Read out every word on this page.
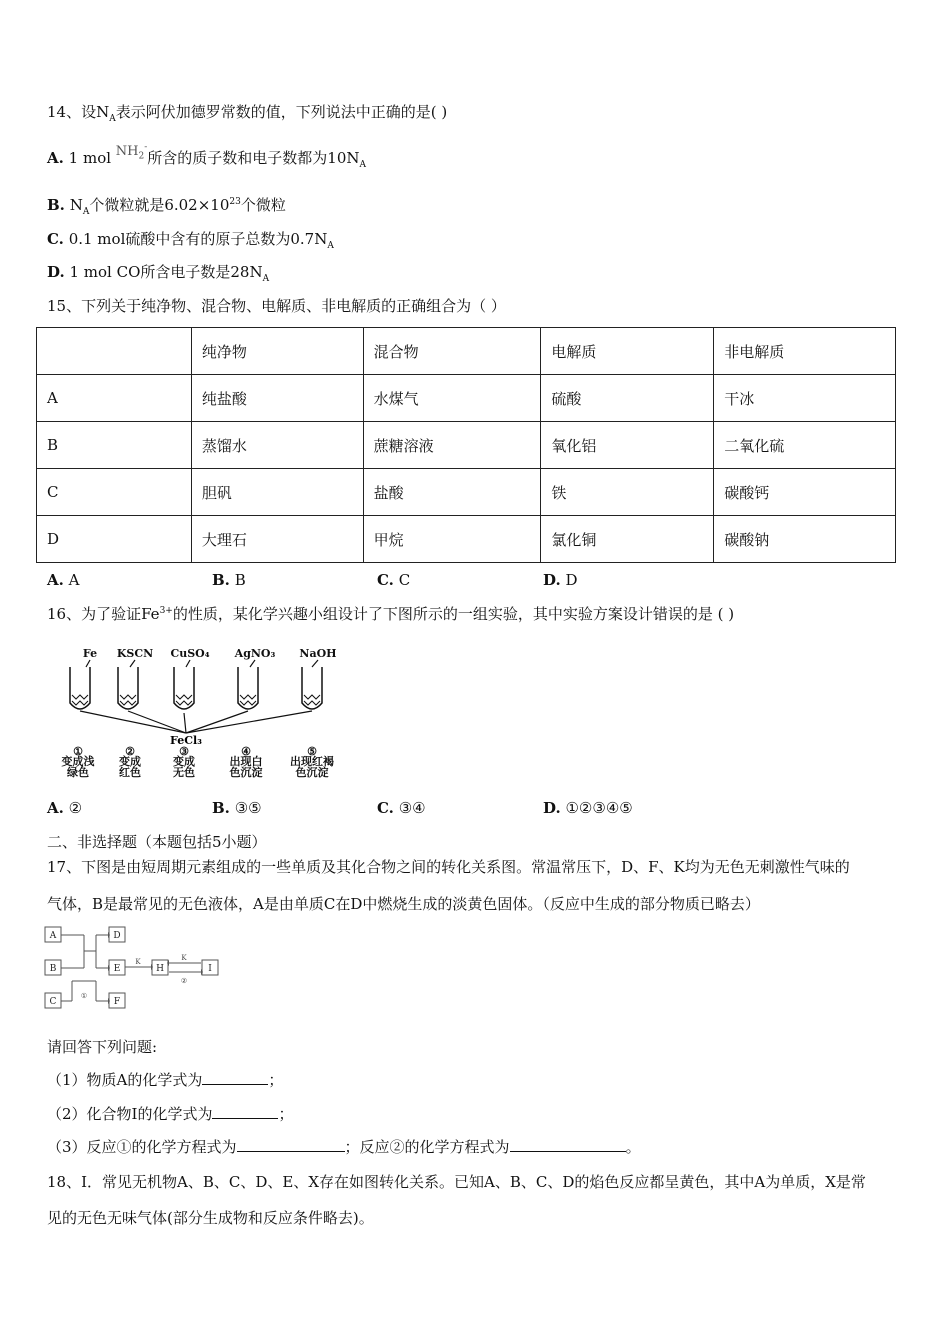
14、设$N_A$表示阿伏加德罗常数的值，下列说法中正确的是( )
A. 1 mol $NH_2^-$所含的质子数和电子数都为$10N_A$
B. $N_A$个微粒就是$6.02\times 10^{23}$个微粒
C. 0.1 mol硫酸中含有的原子总数为$0.7N_A$
D. 1 mol CO所含电子数是$28N_A$
15、下列关于纯净物、混合物、电解质、非电解质的正确组合为（ ）
	纯净物	混合物	电解质	非电解质
A	纯盐酸	水煤气	硫酸	干冰
B	蒸馏水	蔗糖溶液	氧化铝	二氧化硫
C	胆矾	盐酸	铁	碳酸钙
D	大理石	甲烷	氯化铜	碳酸钠
A. A	B. B	C. C	D. D
16、为了验证$Fe^{3+}$的性质，某化学兴趣小组设计了下图所示的一组实验，其中实验方案设计错误的是 ( )
Fe KSCN CuSO₄ AgNO₃ NaOH
FeCl₃
①
变成浅
绿色
②
变成
红色
③
变成
无色
④
出现白
色沉淀
⑤
出现红褐
色沉淀
A. ②	B. ③⑤	C. ③④	D. ①②③④⑤
二、非选择题（本题包括5小题）
17、下图是由短周期元素组成的一些单质及其化合物之间的转化关系图。常温常压下，D、F、K均为无色无刺激性气味的
气体，B是最常见的无色液体，A是由单质C在D中燃烧生成的淡黄色固体。（反应中生成的部分物质已略去）
A
B
C
D
E
F
H	I
K	K
①
②
请回答下列问题:
（1）物质A的化学式为	；
（2）化合物I的化学式为	；
（3）反应①的化学方程式为	；反应②的化学方程式为	。
18、I．常见无机物A、B、C、D、E、X存在如图转化关系。已知A、B、C、D的焰色反应都呈黄色，其中A为单质，X是常
见的无色无味气体(部分生成物和反应条件略去)。
